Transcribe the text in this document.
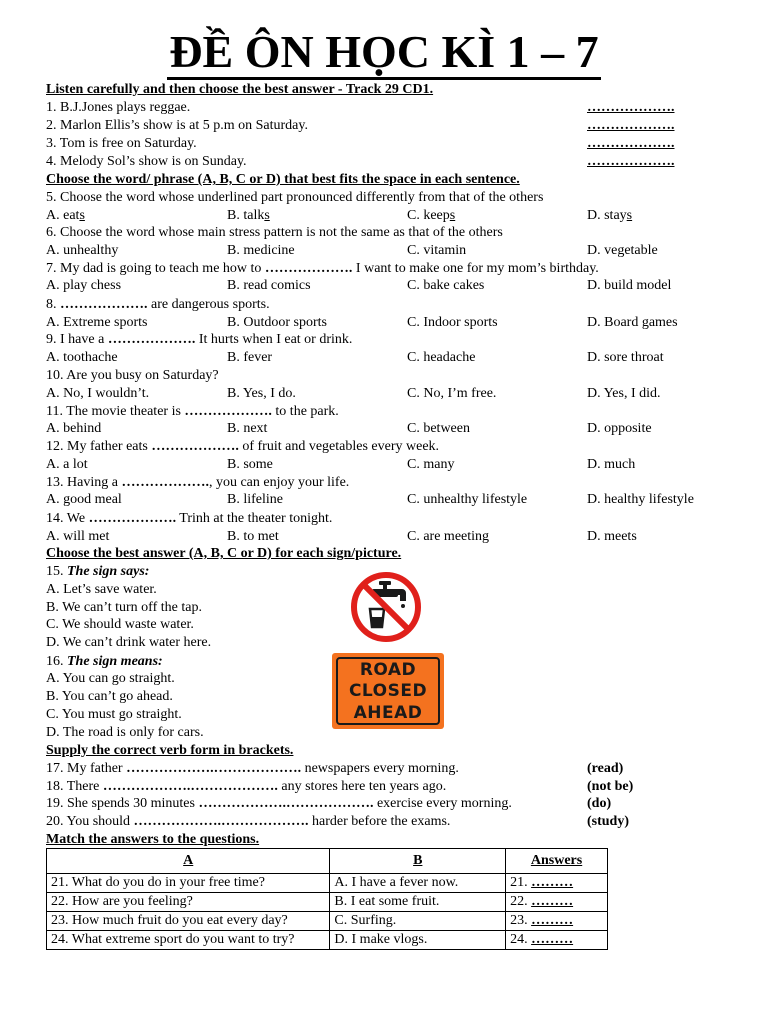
ĐỀ ÔN HỌC KÌ 1 – 7
Listen carefully and then choose the best answer - Track 29 CD1.
1. B.J.Jones plays reggae.	……………….
2. Marlon Ellis’s show is at 5 p.m on Saturday.	……………….
3. Tom is free on Saturday.	……………….
4. Melody Sol’s show is on Sunday.	……………….
Choose the word/ phrase (A, B, C or D) that best fits the space in each sentence.
5. Choose the word whose underlined part pronounced differently from that of the others
A. eats	B. talks	C. keeps	D. stays
6. Choose the word whose main stress pattern is not the same as that of the others
A. unhealthy	B. medicine	C. vitamin	D. vegetable
7. My dad is going to teach me how to ………………. I want to make one for my mom’s birthday.
A. play chess	B. read comics	C. bake cakes	D. build model
8. ………………. are dangerous sports.
A. Extreme sports	B. Outdoor sports	C. Indoor sports	D. Board games
9. I have a ………………. It hurts when I eat or drink.
A. toothache	B. fever	C. headache	D. sore throat
10. Are you busy on Saturday?
A. No, I wouldn’t.	B. Yes, I do.	C. No, I’m free.	D. Yes, I did.
11. The movie theater is ………………. to the park.
A. behind	B. next	C. between	D. opposite
12. My father eats ………………. of fruit and vegetables every week.
A. a lot	B. some	C. many	D. much
13. Having a ………………., you can enjoy your life.
A. good meal	B. lifeline	C. unhealthy lifestyle	D. healthy lifestyle
14. We ………………. Trinh at the theater tonight.
A. will met	B. to met	C. are meeting	D. meets
Choose the best answer (A, B, C or D) for each sign/picture.
15. The sign says:
A. Let’s save water.
B. We can’t turn off the tap.
C. We should waste water.
D. We can’t drink water here.
16. The sign means:
A. You can go straight.
B. You can’t go ahead.
C. You must go straight.
D. The road is only for cars.
ROAD
CLOSED
AHEAD
Supply the correct verb form in brackets.
17. My father ……………….………………. newspapers every morning.	(read)
18. There ……………….………………. any stores here ten years ago.	(not be)
19. She spends 30 minutes ……………….………………. exercise every morning.	(do)
20. You should ……………….………………. harder before the exams.	(study)
Match the answers to the questions.
A	B	Answers
21. What do you do in your free time?	A. I have a fever now.	21. ………
22. How are you feeling?	B. I eat some fruit.	22. ………
23. How much fruit do you eat every day?	C. Surfing.	23. ………
24. What extreme sport do you want to try?	D. I make vlogs.	24. ………
